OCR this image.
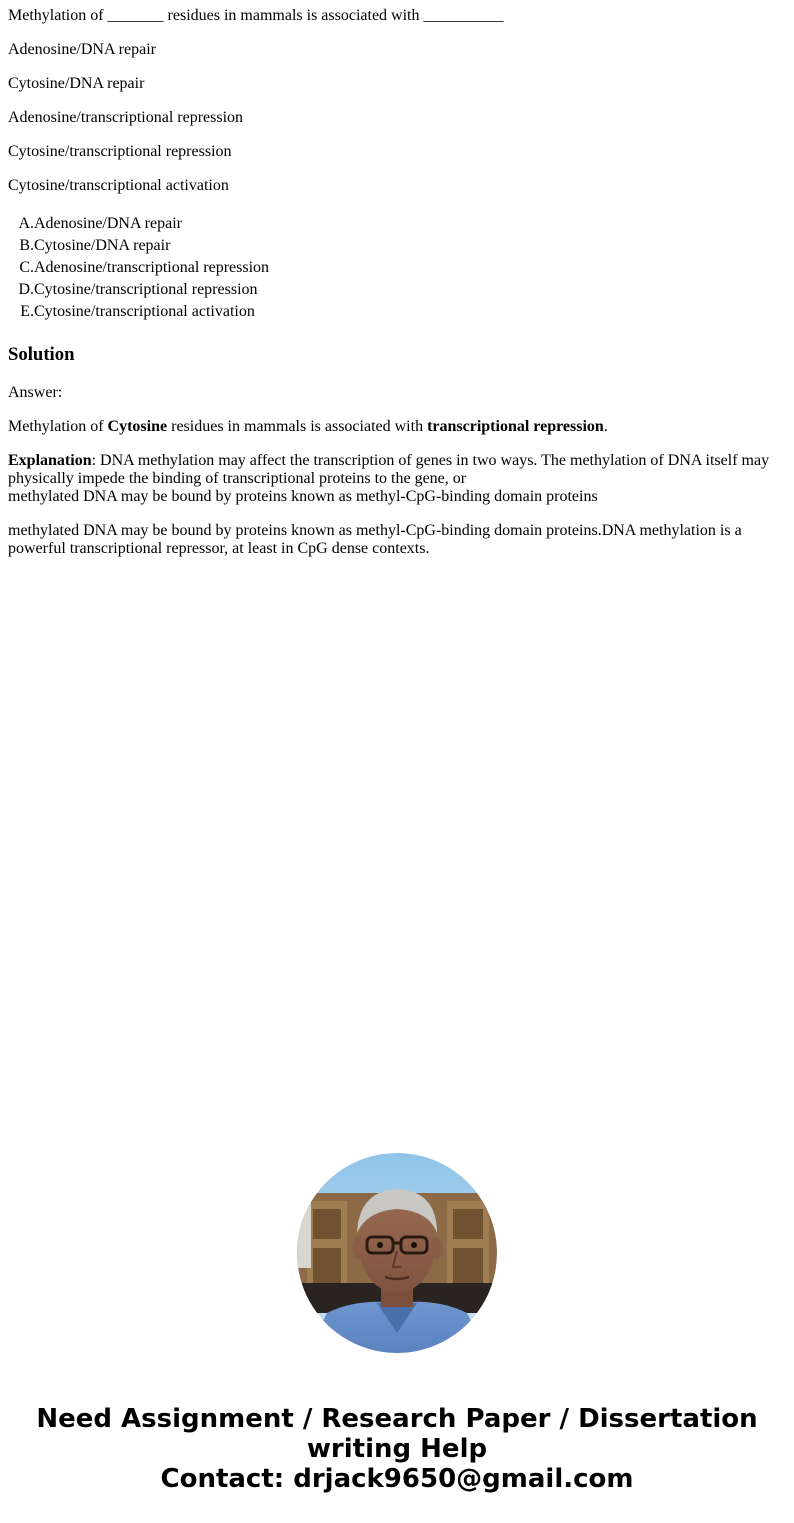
Methylation of _______ residues in mammals is associated with __________

Adenosine/DNA repair

Cytosine/DNA repair

Adenosine/transcriptional repression

Cytosine/transcriptional repression

Cytosine/transcriptional activation

A. Adenosine/DNA repair
B. Cytosine/DNA repair
C. Adenosine/transcriptional repression
D. Cytosine/transcriptional repression
E. Cytosine/transcriptional activation
Solution

Answer:

Methylation of Cytosine residues in mammals is associated with transcriptional repression.

Explanation: DNA methylation may affect the transcription of genes in two ways. The methylation of DNA itself may physically impede the binding of transcriptional proteins to the gene, or
methylated DNA may be bound by proteins known as methyl-CpG-binding domain proteins

methylated DNA may be bound by proteins known as methyl-CpG-binding domain proteins.DNA methylation is a powerful transcriptional repressor, at least in CpG dense contexts.

Need Assignment / Research Paper / Dissertation
writing Help
Contact: drjack9650@gmail.com
